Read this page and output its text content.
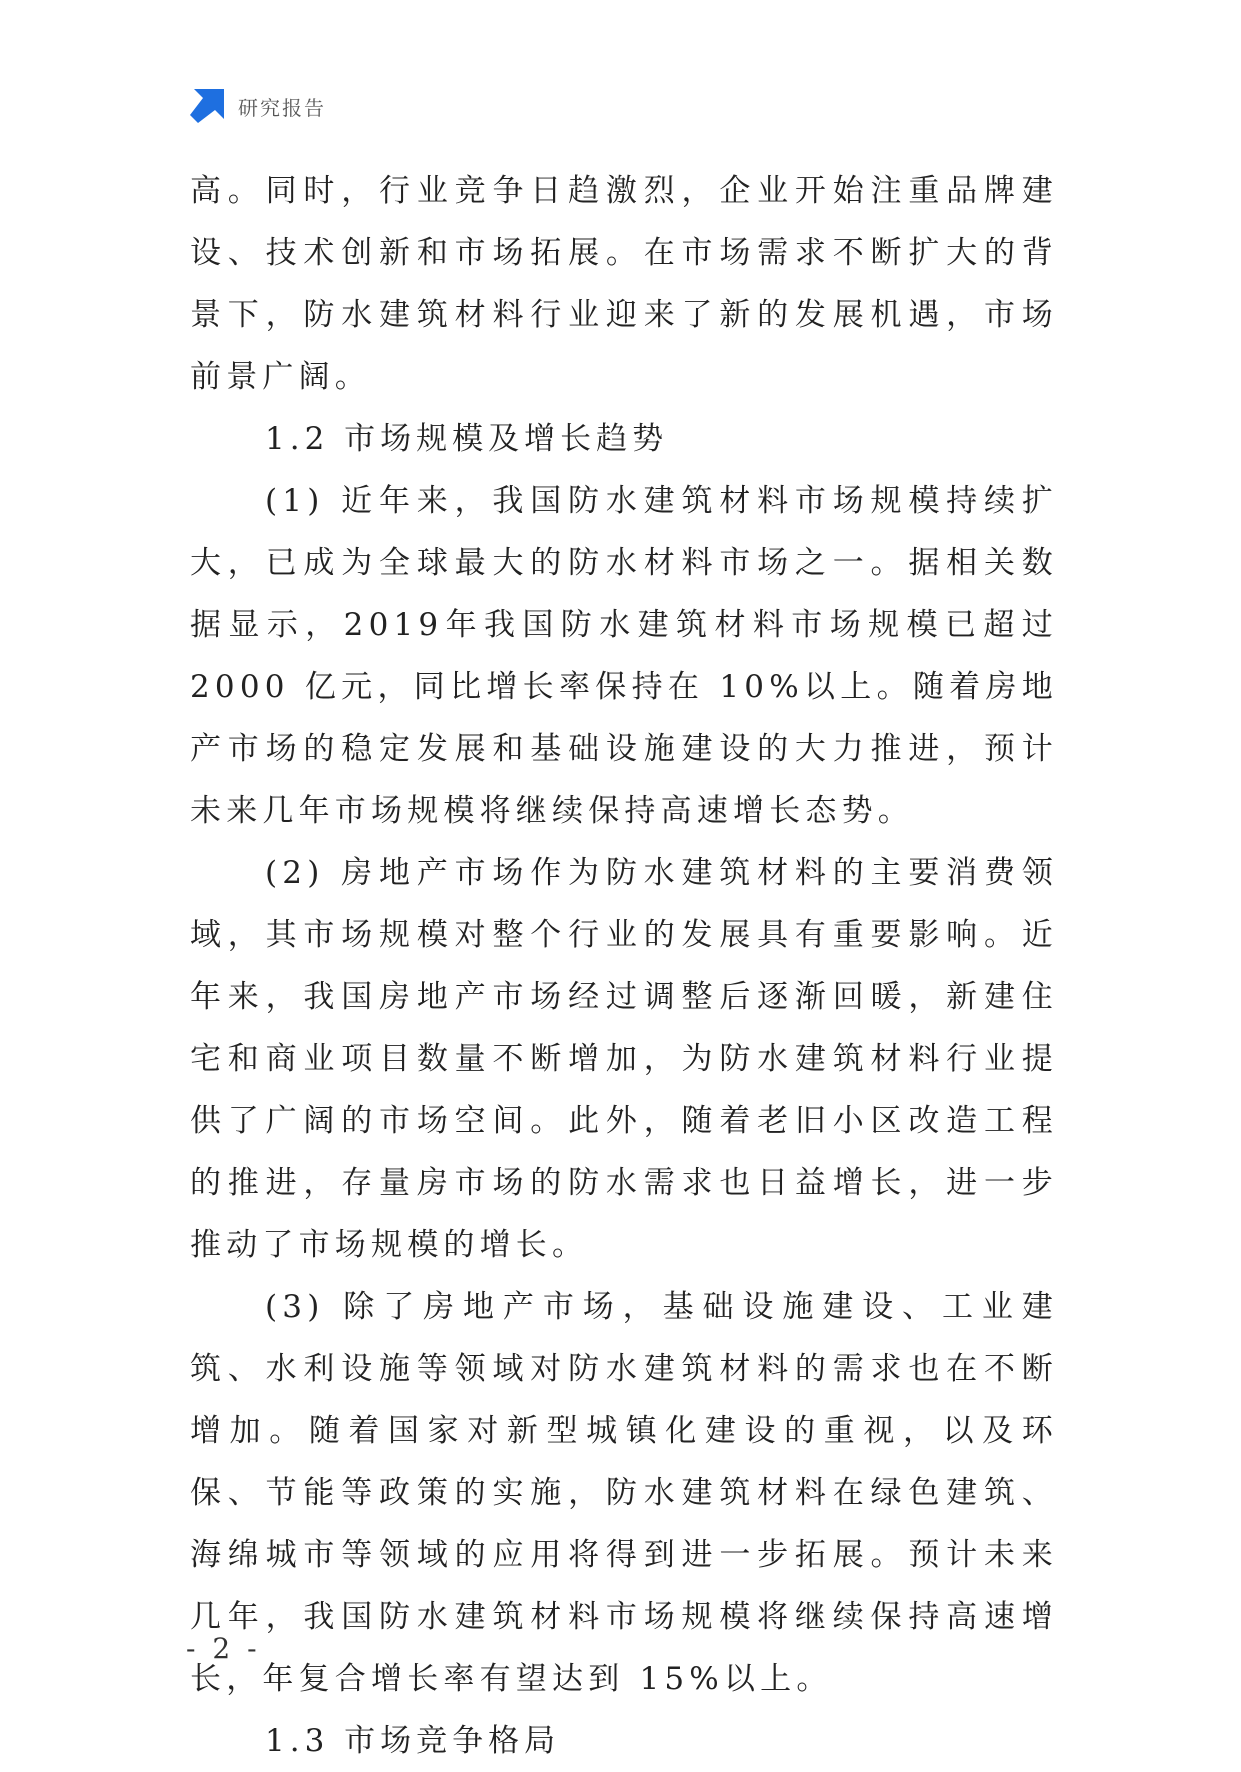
研究报告

高。同时，行业竞争日趋激烈，企业开始注重品牌建设、技术创新和市场拓展。在市场需求不断扩大的背景下，防水建筑材料行业迎来了新的发展机遇，市场前景广阔。

1.2 市场规模及增长趋势

(1) 近年来，我国防水建筑材料市场规模持续扩大，已成为全球最大的防水材料市场之一。据相关数据显示，2019年我国防水建筑材料市场规模已超过 2000 亿元，同比增长率保持在 10%以上。随着房地产市场的稳定发展和基础设施建设的大力推进，预计未来几年市场规模将继续保持高速增长态势。

(2) 房地产市场作为防水建筑材料的主要消费领域，其市场规模对整个行业的发展具有重要影响。近年来，我国房地产市场经过调整后逐渐回暖，新建住宅和商业项目数量不断增加，为防水建筑材料行业提供了广阔的市场空间。此外，随着老旧小区改造工程的推进，存量房市场的防水需求也日益增长，进一步推动了市场规模的增长。

(3) 除了房地产市场，基础设施建设、工业建筑、水利设施等领域对防水建筑材料的需求也在不断增加。随着国家对新型城镇化建设的重视，以及环保、节能等政策的实施，防水建筑材料在绿色建筑、海绵城市等领域的应用将得到进一步拓展。预计未来几年，我国防水建筑材料市场规模将继续保持高速增长，年复合增长率有望达到 15%以上。

1.3 市场竞争格局
- 2 -
